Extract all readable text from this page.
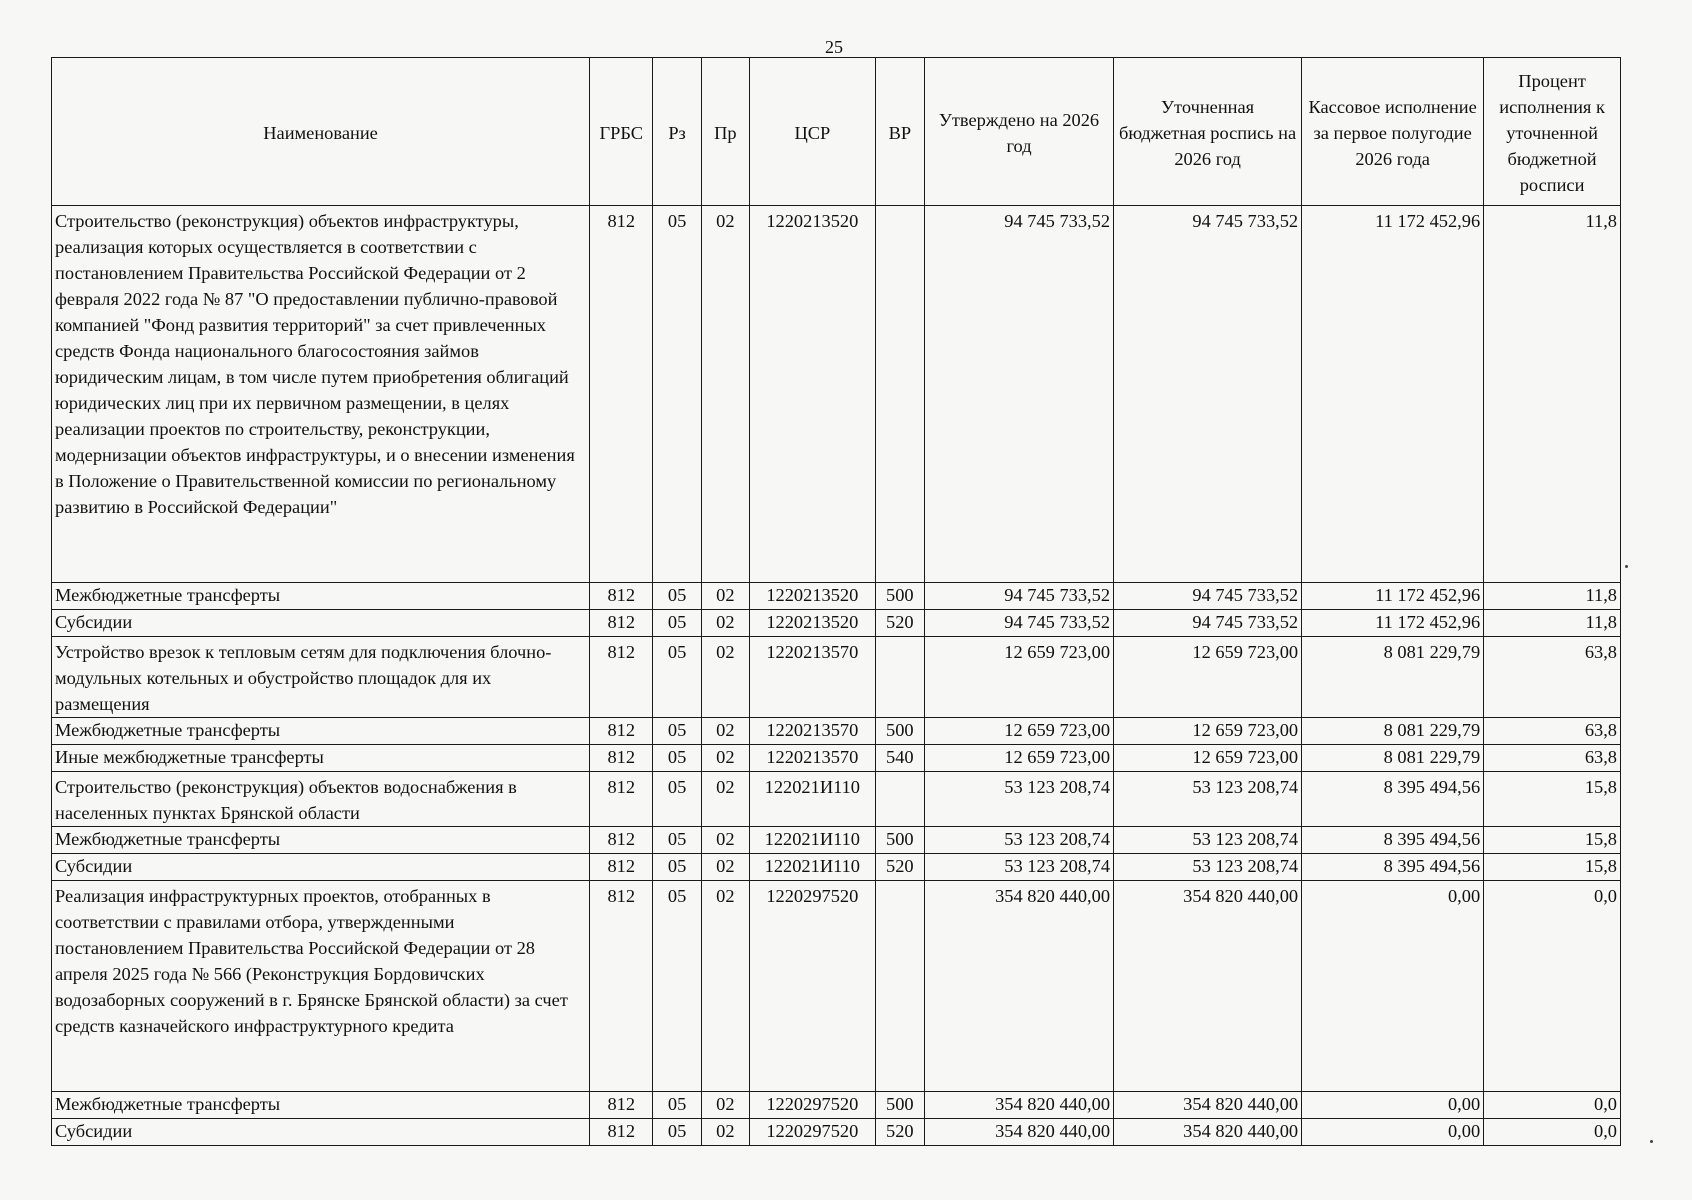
25
Наименование	ГРБС	Рз	Пр	ЦСР	ВР	Утверждено на 2026 год	Уточненная бюджетная роспись на 2026 год	Кассовое исполнение за первое полугодие 2026 года	Процент исполнения к уточненной бюджетной росписи
Строительство (реконструкция) объектов инфраструктуры, реализация которых осуществляется в соответствии с постановлением Правительства Российской Федерации от 2 февраля 2022 года № 87 "О предоставлении публично-правовой компанией "Фонд развития территорий" за счет привлеченных средств Фонда национального благосостояния займов юридическим лицам, в том числе путем приобретения облигаций юридических лиц при их первичном размещении, в целях реализации проектов по строительству, реконструкции, модернизации объектов инфраструктуры, и о внесении изменения в Положение о Правительственной комиссии по региональному развитию в Российской Федерации"	812	05	02	1220213520		94 745 733,52	94 745 733,52	11 172 452,96	11,8
Межбюджетные трансферты	812	05	02	1220213520	500	94 745 733,52	94 745 733,52	11 172 452,96	11,8
Субсидии	812	05	02	1220213520	520	94 745 733,52	94 745 733,52	11 172 452,96	11,8
Устройство врезок к тепловым сетям для подключения блочно-модульных котельных и обустройство площадок для их размещения	812	05	02	1220213570		12 659 723,00	12 659 723,00	8 081 229,79	63,8
Межбюджетные трансферты	812	05	02	1220213570	500	12 659 723,00	12 659 723,00	8 081 229,79	63,8
Иные межбюджетные трансферты	812	05	02	1220213570	540	12 659 723,00	12 659 723,00	8 081 229,79	63,8
Строительство (реконструкция) объектов водоснабжения в населенных пунктах Брянской области	812	05	02	122021И110		53 123 208,74	53 123 208,74	8 395 494,56	15,8
Межбюджетные трансферты	812	05	02	122021И110	500	53 123 208,74	53 123 208,74	8 395 494,56	15,8
Субсидии	812	05	02	122021И110	520	53 123 208,74	53 123 208,74	8 395 494,56	15,8
Реализация инфраструктурных проектов, отобранных в соответствии с правилами отбора, утвержденными постановлением Правительства Российской Федерации от 28 апреля 2025 года № 566 (Реконструкция Бордовичских водозаборных сооружений в г. Брянске Брянской области) за счет средств казначейского инфраструктурного кредита	812	05	02	1220297520		354 820 440,00	354 820 440,00	0,00	0,0
Межбюджетные трансферты	812	05	02	1220297520	500	354 820 440,00	354 820 440,00	0,00	0,0
Субсидии	812	05	02	1220297520	520	354 820 440,00	354 820 440,00	0,00	0,0
